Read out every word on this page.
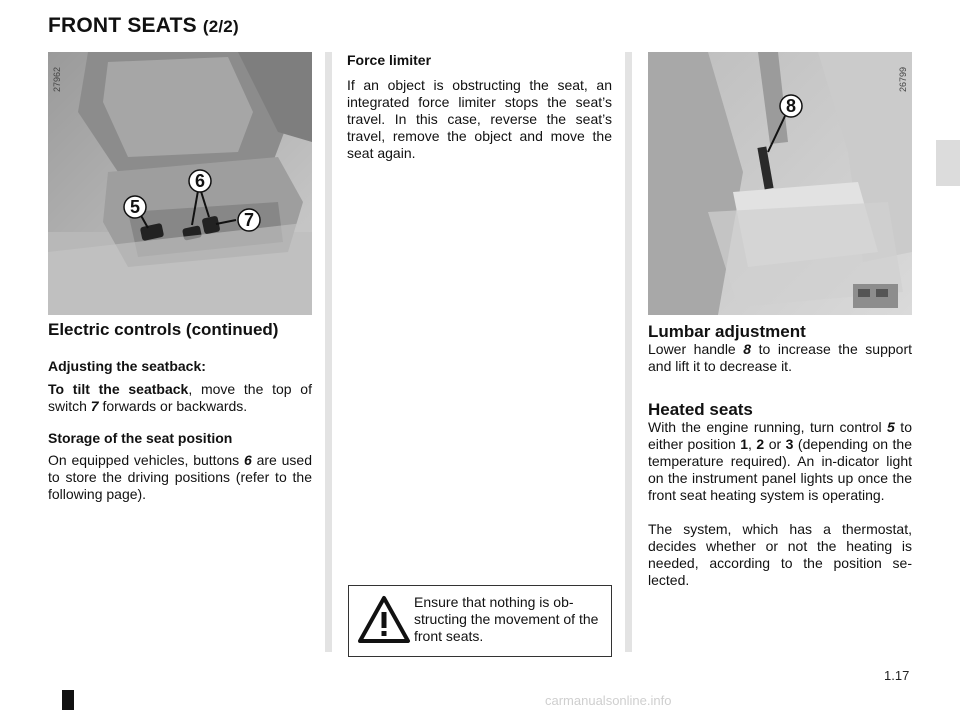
FRONT SEATS (2/2)
5
6
7
27962
8
26799
Electric controls (continued)
Adjusting the seatback:
To tilt the seatback, move the top of switch 7 forwards or backwards.
Storage of the seat position
On equipped vehicles, buttons 6 are used to store the driving positions (refer to the following page).
Force limiter
If an object is obstructing the seat, an integrated force limiter stops the seat’s travel. In this case, reverse the seat’s travel, remove the object and move the seat again.
Ensure that nothing is ob-structing the movement of the front seats.
Lumbar adjustment
Lower handle 8 to increase the support and lift it to decrease it.
Heated seats
With the engine running, turn control 5 to either position 1, 2 or 3 (depending on the temperature required). An in-dicator light on the instrument panel lights up once the front seat heating system is operating.
The system, which has a thermostat, decides whether or not the heating is needed, according to the position se-lected.
1.17
carmanualsonline.info
